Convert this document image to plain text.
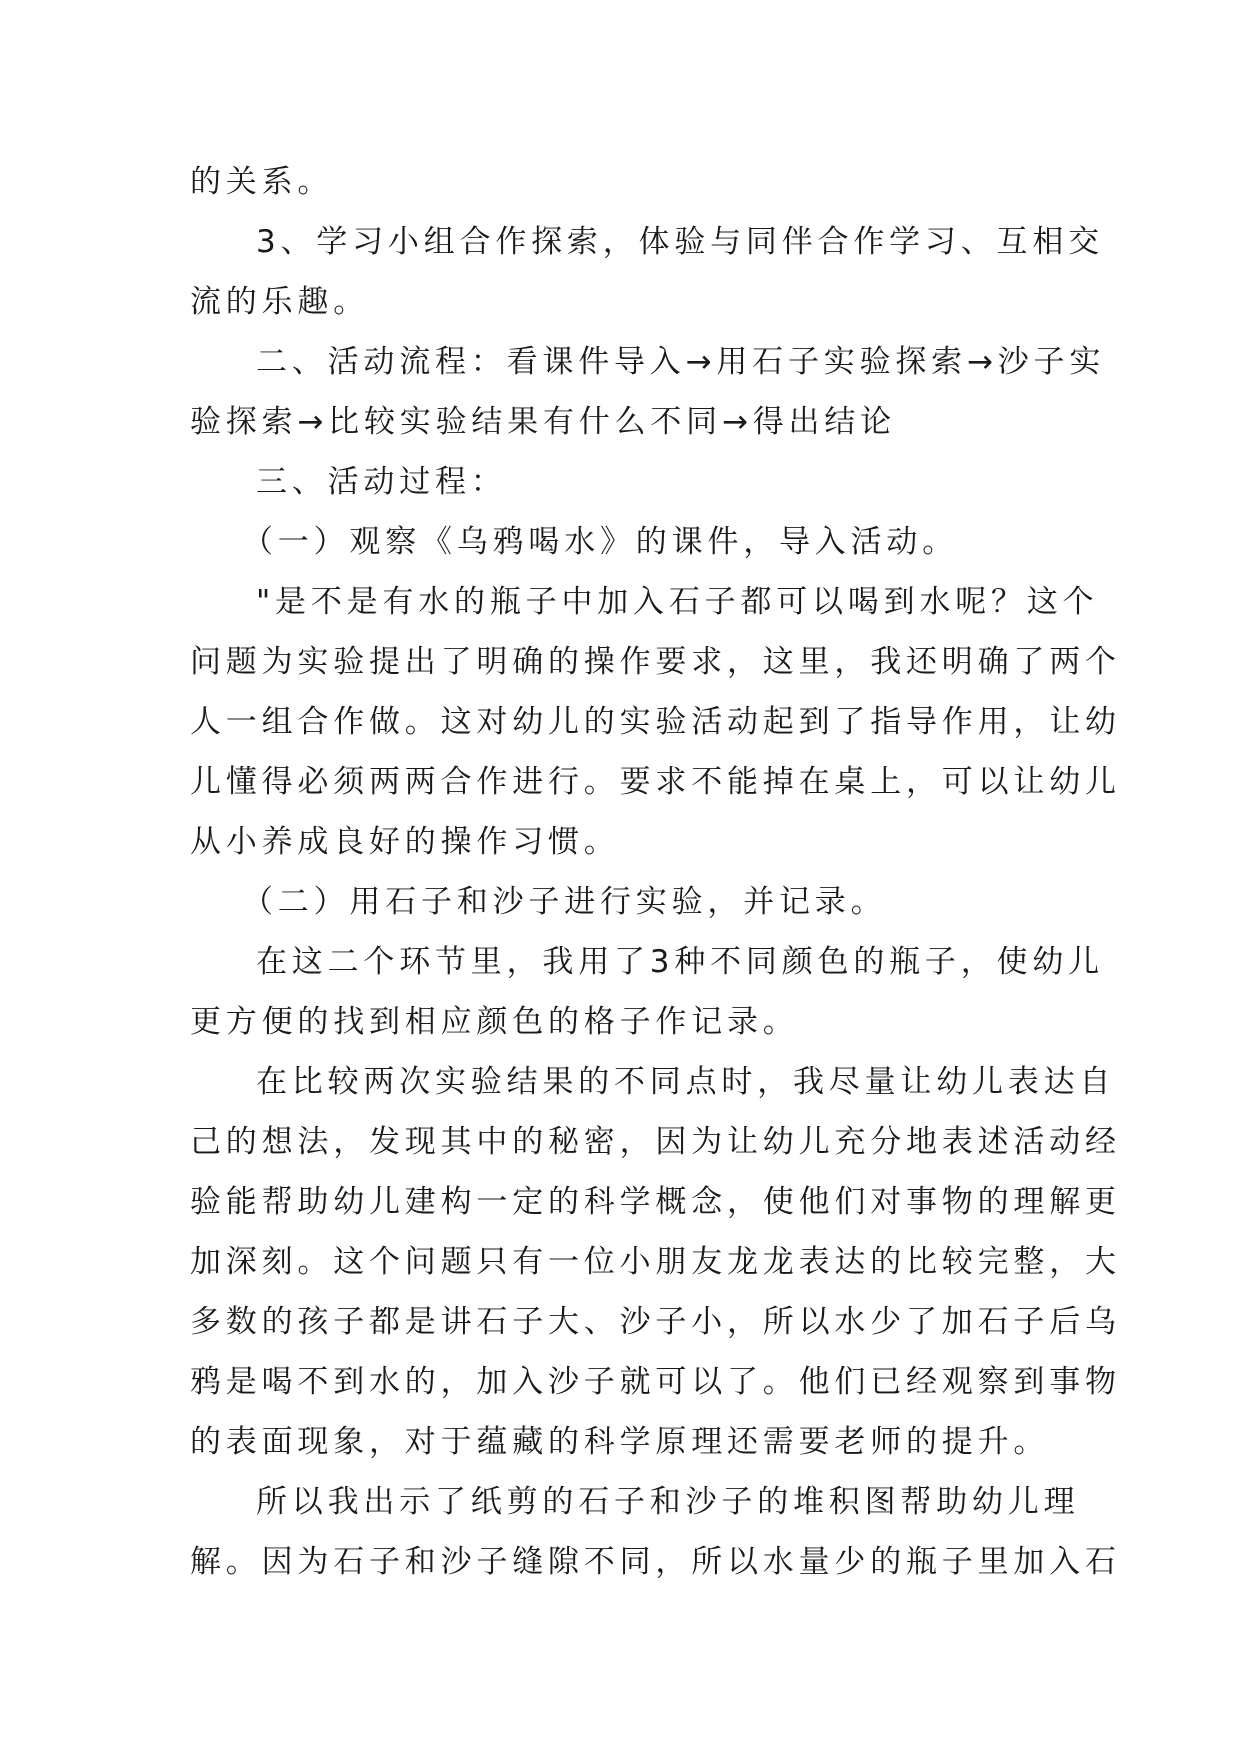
的关系。
3、学习小组合作探索，体验与同伴合作学习、互相交
流的乐趣。
二、活动流程：看课件导入→用石子实验探索→沙子实
验探索→比较实验结果有什么不同→得出结论
三、活动过程：
（一）观察《乌鸦喝水》的课件，导入活动。
"是不是有水的瓶子中加入石子都可以喝到水呢？这个
问题为实验提出了明确的操作要求，这里，我还明确了两个
人一组合作做。这对幼儿的实验活动起到了指导作用，让幼
儿懂得必须两两合作进行。要求不能掉在桌上，可以让幼儿
从小养成良好的操作习惯。
（二）用石子和沙子进行实验，并记录。
在这二个环节里，我用了3种不同颜色的瓶子，使幼儿
更方便的找到相应颜色的格子作记录。
在比较两次实验结果的不同点时，我尽量让幼儿表达自
己的想法，发现其中的秘密，因为让幼儿充分地表述活动经
验能帮助幼儿建构一定的科学概念，使他们对事物的理解更
加深刻。这个问题只有一位小朋友龙龙表达的比较完整，大
多数的孩子都是讲石子大、沙子小，所以水少了加石子后乌
鸦是喝不到水的，加入沙子就可以了。他们已经观察到事物
的表面现象，对于蕴藏的科学原理还需要老师的提升。
所以我出示了纸剪的石子和沙子的堆积图帮助幼儿理
解。因为石子和沙子缝隙不同，所以水量少的瓶子里加入石
